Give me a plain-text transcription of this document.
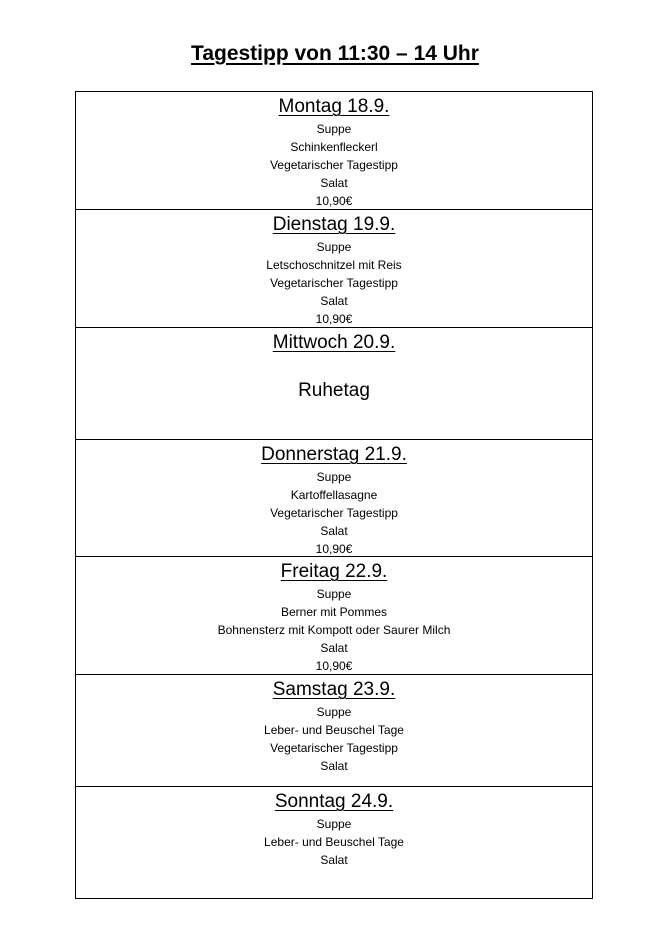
Tagestipp von 11:30 – 14 Uhr
Montag 18.9.
Suppe
Schinkenfleckerl
Vegetarischer Tagestipp
Salat
10,90€
Dienstag 19.9.
Suppe
Letschoschnitzel mit Reis
Vegetarischer Tagestipp
Salat
10,90€
Mittwoch 20.9.
Ruhetag
Donnerstag 21.9.
Suppe
Kartoffellasagne
Vegetarischer Tagestipp
Salat
10,90€
Freitag 22.9.
Suppe
Berner mit Pommes
Bohnensterz mit Kompott oder Saurer Milch
Salat
10,90€
Samstag 23.9.
Suppe
Leber- und Beuschel Tage
Vegetarischer Tagestipp
Salat
Sonntag 24.9.
Suppe
Leber- und Beuschel Tage
Salat
